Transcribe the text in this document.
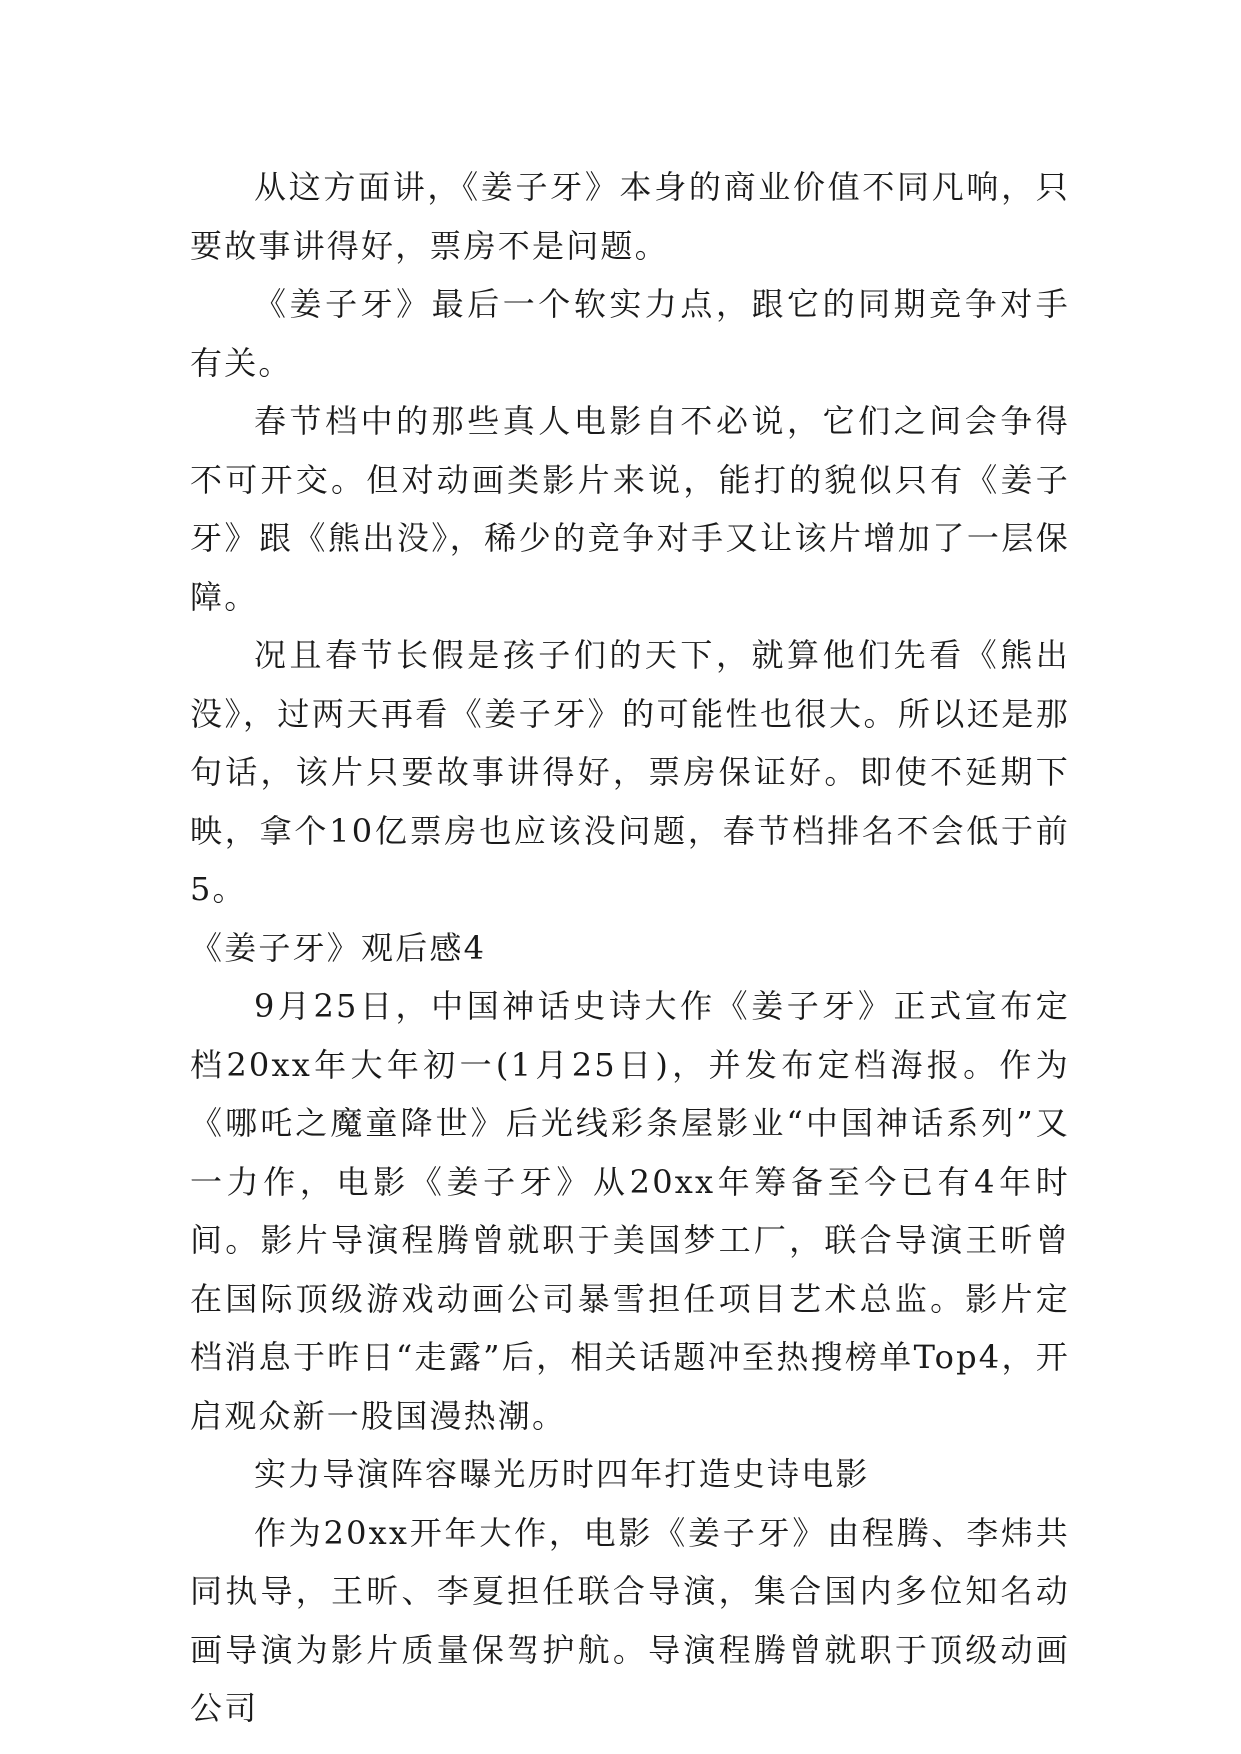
从这方面讲，《姜子牙》本身的商业价值不同凡响，只要故事讲得好，票房不是问题。

《姜子牙》最后一个软实力点，跟它的同期竞争对手有关。

春节档中的那些真人电影自不必说，它们之间会争得不可开交。但对动画类影片来说，能打的貌似只有《姜子牙》跟《熊出没》，稀少的竞争对手又让该片增加了一层保障。

况且春节长假是孩子们的天下，就算他们先看《熊出没》，过两天再看《姜子牙》的可能性也很大。所以还是那句话，该片只要故事讲得好，票房保证好。即使不延期下映，拿个10亿票房也应该没问题，春节档排名不会低于前5。

《姜子牙》观后感4

9月25日，中国神话史诗大作《姜子牙》正式宣布定档20xx年大年初一(1月25日)，并发布定档海报。作为《哪吒之魔童降世》后光线彩条屋影业“中国神话系列”又一力作，电影《姜子牙》从20xx年筹备至今已有4年时间。影片导演程腾曾就职于美国梦工厂，联合导演王昕曾在国际顶级游戏动画公司暴雪担任项目艺术总监。影片定档消息于昨日“走露”后，相关话题冲至热搜榜单Top4，开启观众新一股国漫热潮。

实力导演阵容曝光历时四年打造史诗电影

作为20xx开年大作，电影《姜子牙》由程腾、李炜共同执导，王昕、李夏担任联合导演，集合国内多位知名动画导演为影片质量保驾护航。导演程腾曾就职于顶级动画公司
